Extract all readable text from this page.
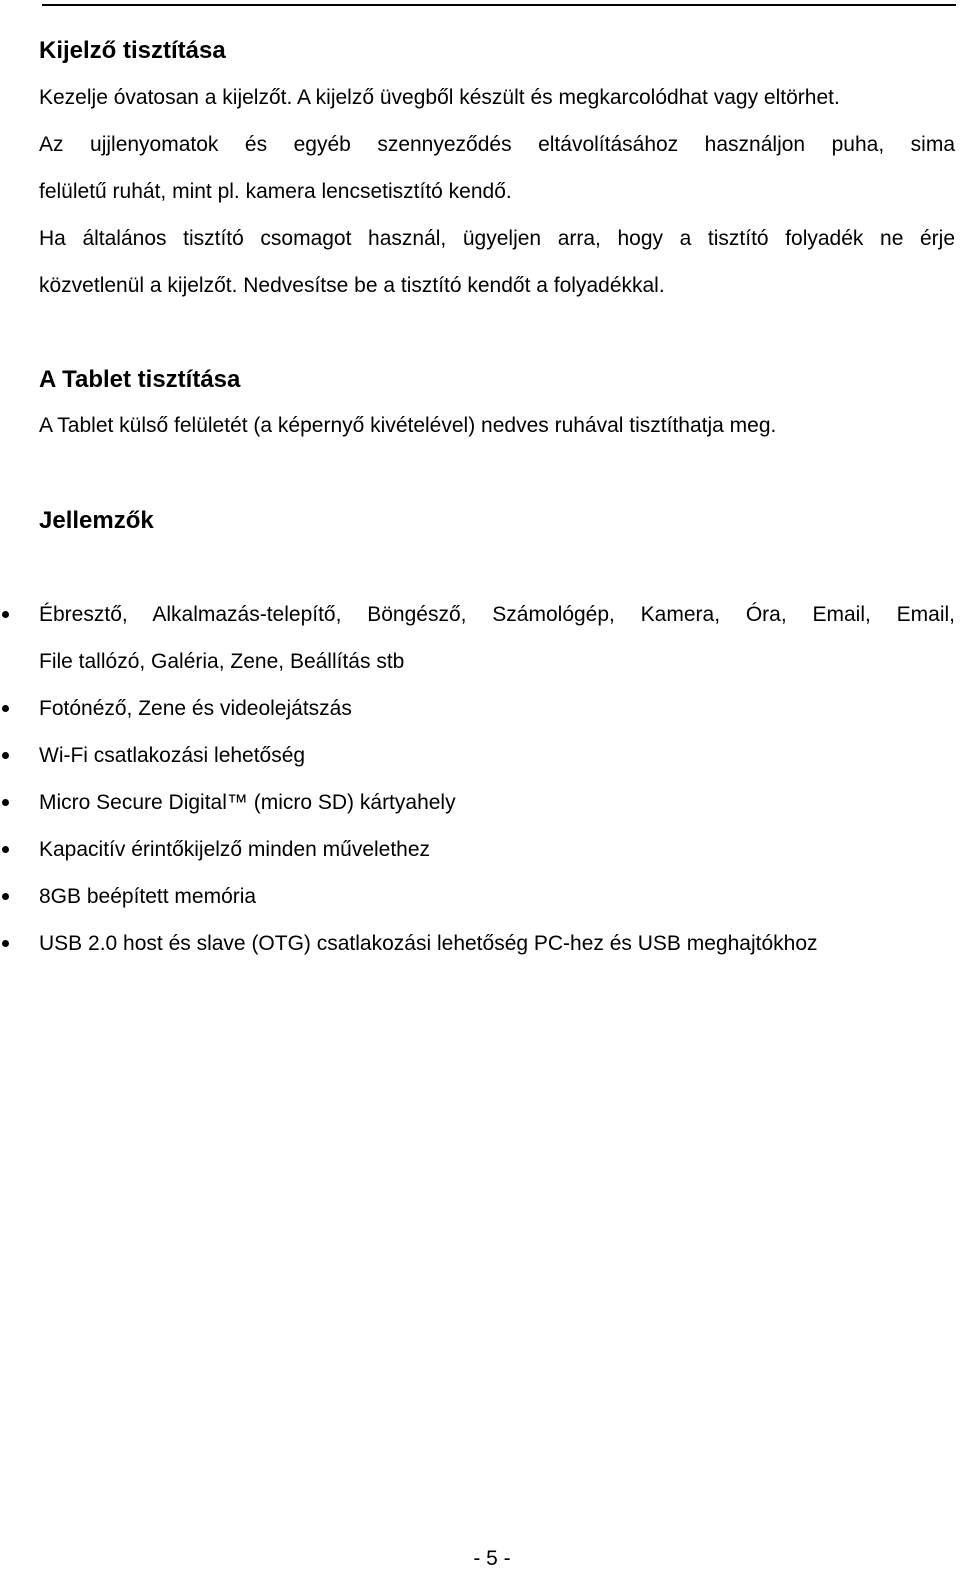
Kijelző tisztítása
Kezelje óvatosan a kijelzőt. A kijelző üvegből készült és megkarcolódhat vagy eltörhet.
Az ujjlenyomatok és egyéb szennyeződés eltávolításához használjon puha, sima
felületű ruhát, mint pl. kamera lencsetisztító kendő.
Ha általános tisztító csomagot használ, ügyeljen arra, hogy a tisztító folyadék ne érje
közvetlenül a kijelzőt. Nedvesítse be a tisztító kendőt a folyadékkal.
A Tablet tisztítása
A Tablet külső felületét (a képernyő kivételével) nedves ruhával tisztíthatja meg.
Jellemzők
Ébresztő, Alkalmazás-telepítő, Böngésző, Számológép, Kamera, Óra, Email, Email,
File tallózó, Galéria, Zene, Beállítás stb
Fotónéző, Zene és videolejátszás
Wi-Fi csatlakozási lehetőség
Micro Secure Digital™ (micro SD) kártyahely
Kapacitív érintőkijelző minden művelethez
8GB beépített memória
USB 2.0 host és slave (OTG) csatlakozási lehetőség PC-hez és USB meghajtókhoz
- 5 -
